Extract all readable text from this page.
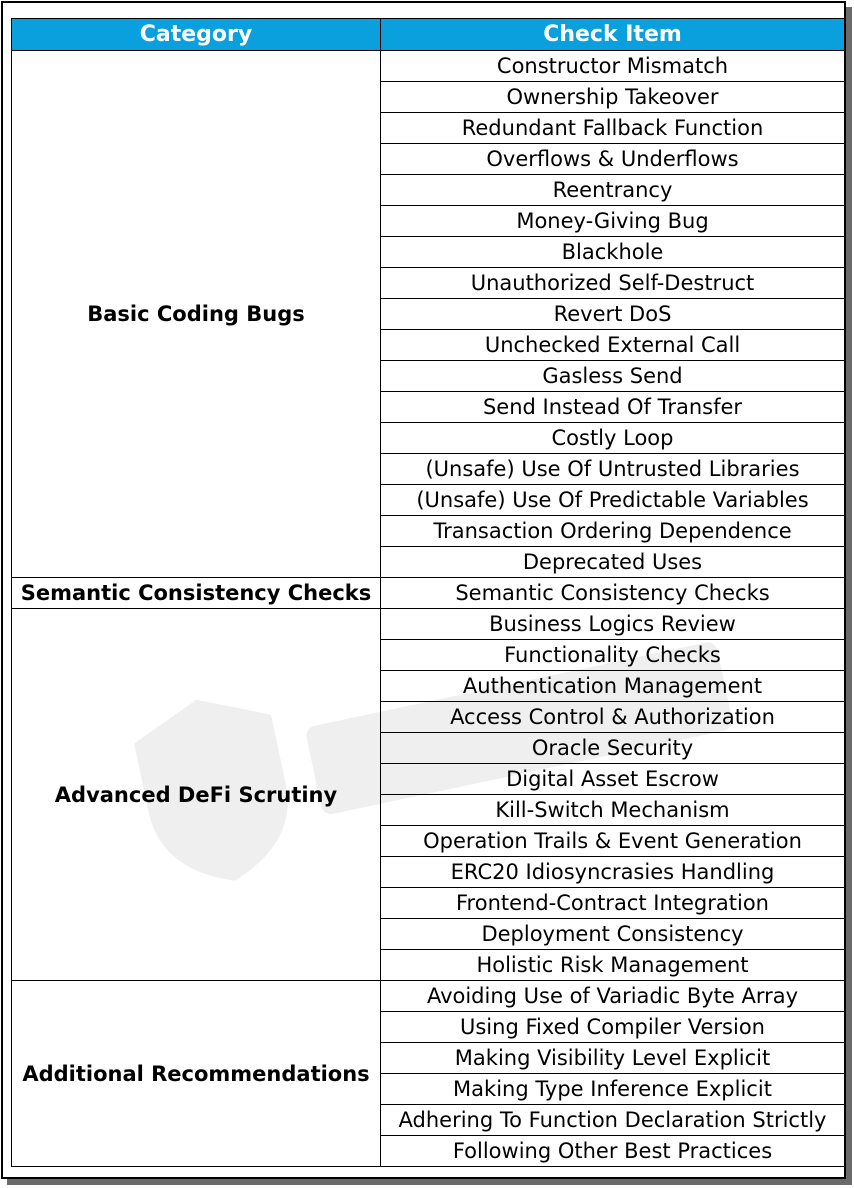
Category	Check Item
Basic Coding Bugs	Constructor Mismatch
	Ownership Takeover
	Redundant Fallback Function
	Overflows & Underflows
	Reentrancy
	Money-Giving Bug
	Blackhole
	Unauthorized Self-Destruct
	Revert DoS
	Unchecked External Call
	Gasless Send
	Send Instead Of Transfer
	Costly Loop
	(Unsafe) Use Of Untrusted Libraries
	(Unsafe) Use Of Predictable Variables
	Transaction Ordering Dependence
	Deprecated Uses
Semantic Consistency Checks	Semantic Consistency Checks
Advanced DeFi Scrutiny	Business Logics Review
	Functionality Checks
	Authentication Management
	Access Control & Authorization
	Oracle Security
	Digital Asset Escrow
	Kill-Switch Mechanism
	Operation Trails & Event Generation
	ERC20 Idiosyncrasies Handling
	Frontend-Contract Integration
	Deployment Consistency
	Holistic Risk Management
Additional Recommendations	Avoiding Use of Variadic Byte Array
	Using Fixed Compiler Version
	Making Visibility Level Explicit
	Making Type Inference Explicit
	Adhering To Function Declaration Strictly
	Following Other Best Practices
